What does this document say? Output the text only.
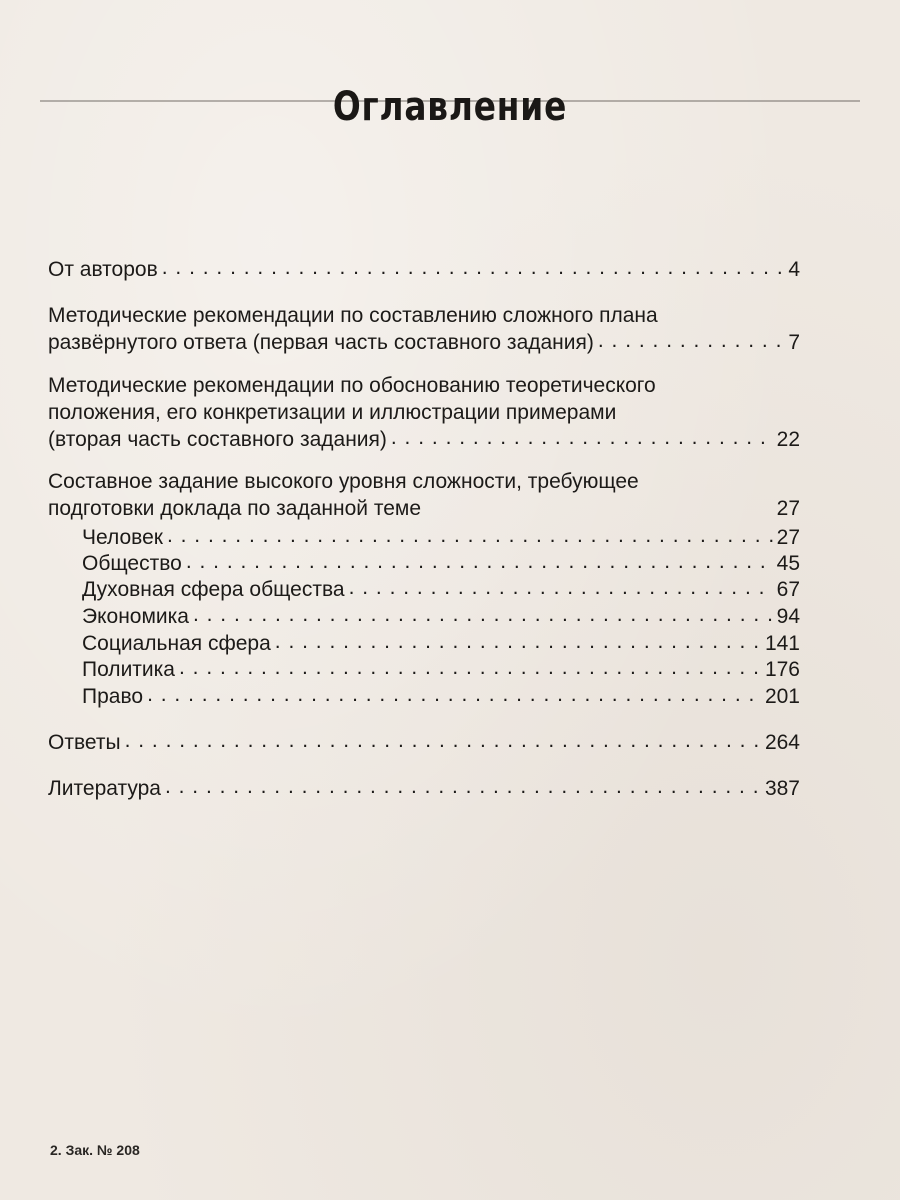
Оглавление
От авторов . . .	4
Методические рекомендации по составлению сложного плана
развёрнутого ответа (первая часть составного задания) . . .	7
Методические рекомендации по обоснованию теоретического
положения, его конкретизации и иллюстрации примерами
(вторая часть составного задания) . . .	22
Составное задание высокого уровня сложности, требующее
подготовки доклада по заданной теме	27
Человек . . .	27
Общество . . .	45
Духовная сфера общества . . .	67
Экономика . . .	94
Социальная сфера . . .	141
Политика . . .	176
Право . . .	201
Ответы . . .	264
Литература . . .	387
2. Зак. № 208
